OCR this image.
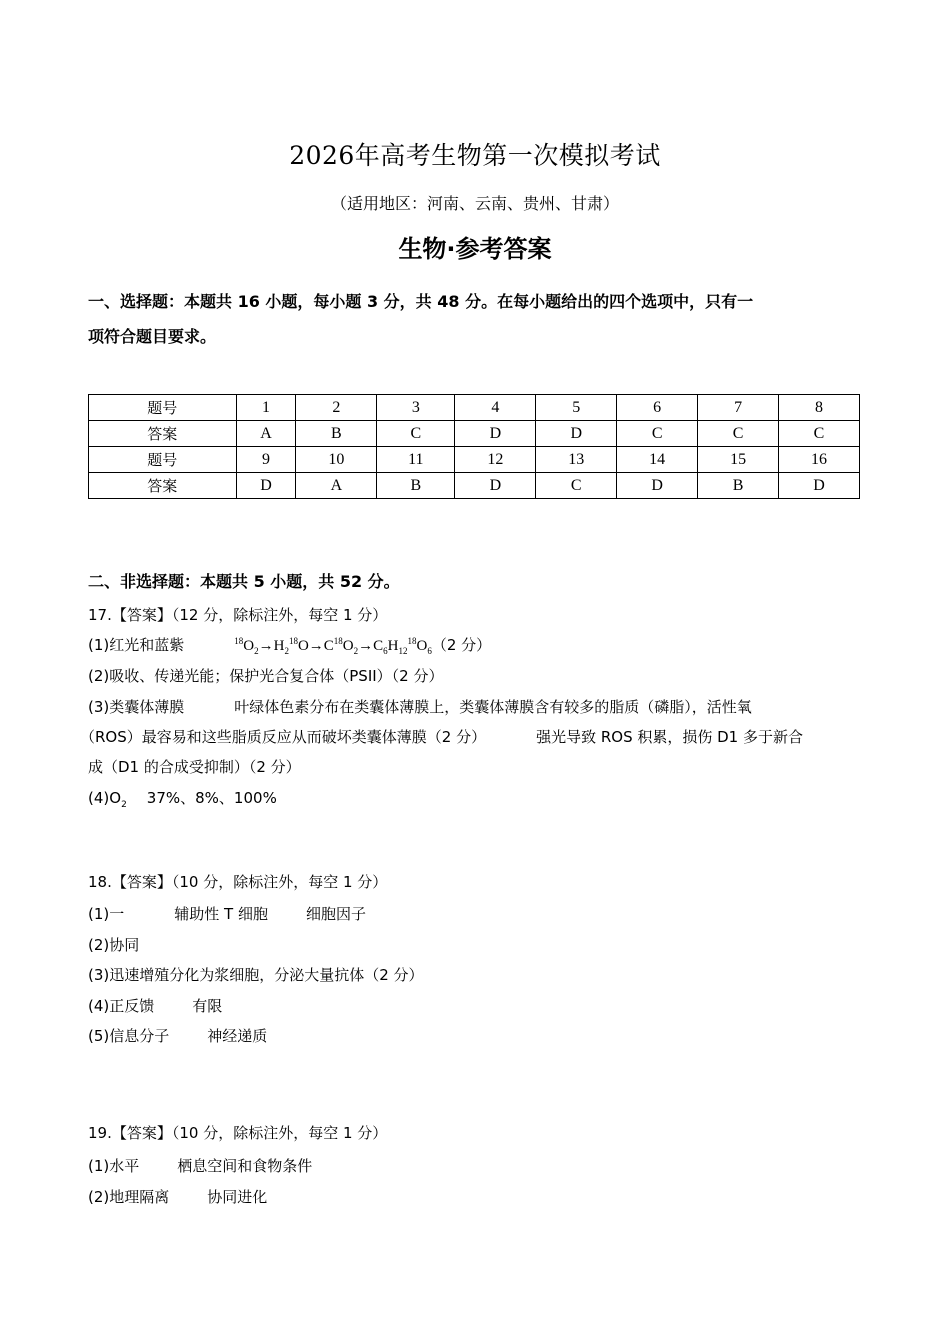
2026年高考生物第一次模拟考试
（适用地区：河南、云南、贵州、甘肃）
生物·参考答案
一、选择题：本题共 16 小题，每小题 3 分，共 48 分。在每小题给出的四个选项中，只有一
项符合题目要求。
题号	1	2	3	4	5	6	7	8
答案	A	B	C	D	D	C	C	C
题号	9	10	11	12	13	14	15	16
答案	D	A	B	D	C	D	B	D
二、非选择题：本题共 5 小题，共 52 分。
17.【答案】（12 分，除标注外，每空 1 分）
(1)红光和蓝紫	$^{18}O_2\to H_2^{18}O\to C^{18}O_2\to C_6H_{12}^{18}O_6(2$ 分）
(2)吸收、传递光能；保护光合复合体（PSII）（2 分）
(3)类囊体薄膜	叶绿体色素分布在类囊体薄膜上，类囊体薄膜含有较多的脂质（磷脂），活性氧
（ROS）最容易和这些脂质反应从而破坏类囊体薄膜（2 分）	强光导致 ROS 积累，损伤 D1 多于新合
成（D1 的合成受抑制）（2 分）
$(4)O_2$ 37%、8%、100%
18.【答案】（10 分，除标注外，每空 1 分）
(1)一	辅助性 T 细胞	细胞因子
(2)协同
(3)迅速增殖分化为浆细胞，分泌大量抗体（2 分）
(4)正反馈	有限
(5)信息分子	神经递质
19.【答案】（10 分，除标注外，每空 1 分）
(1)水平	栖息空间和食物条件
(2)地理隔离	协同进化
